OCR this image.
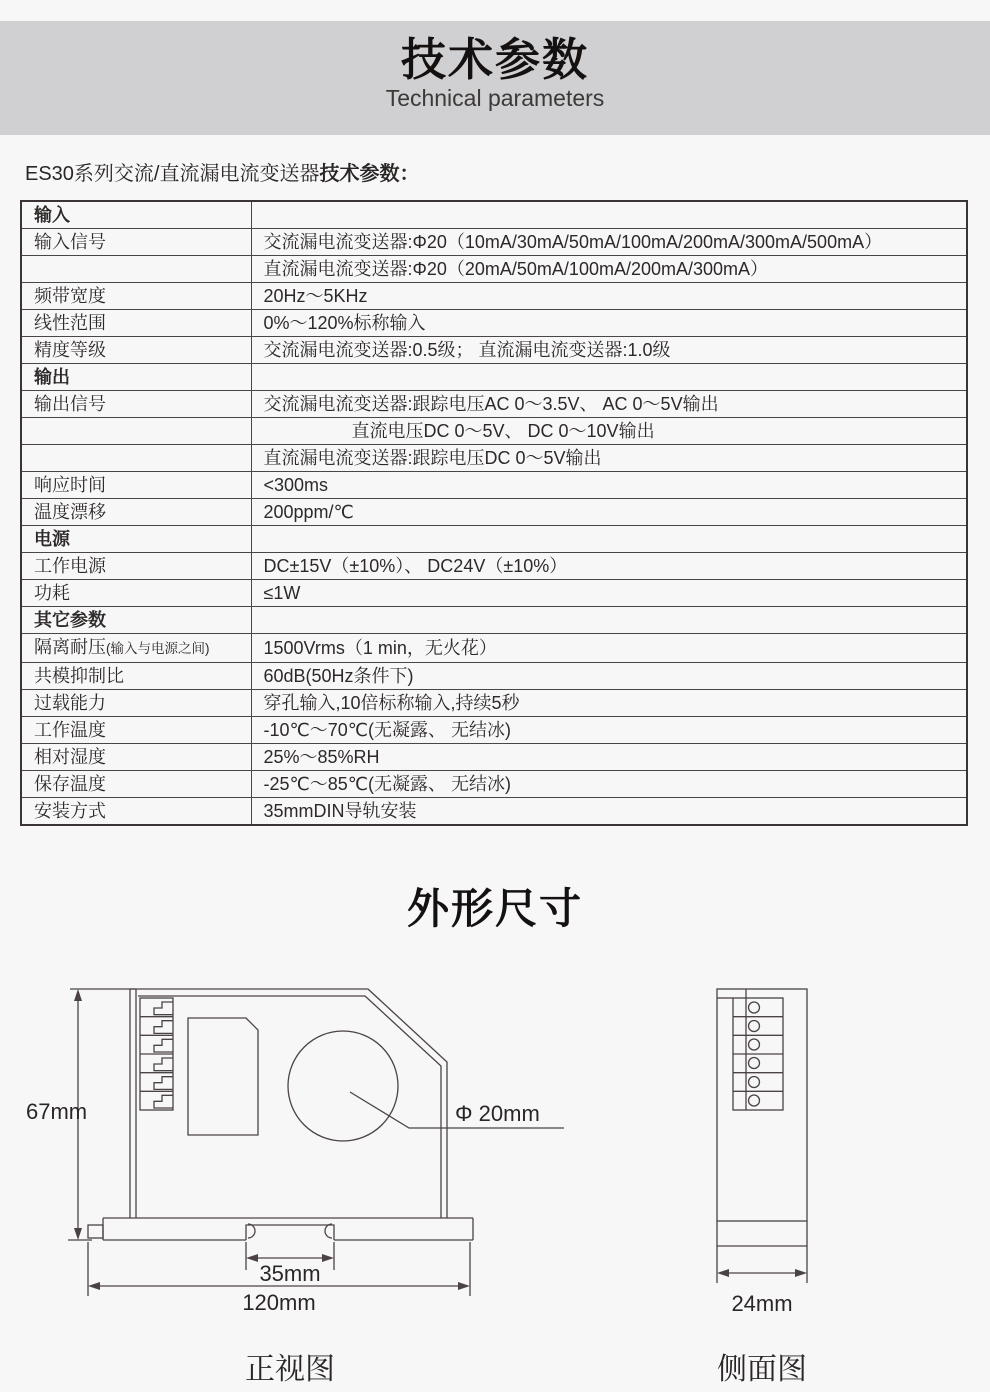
技术参数
Technical parameters
ES30系列交流/直流漏电流变送器技术参数：
输入	
输入信号	交流漏电流变送器:Φ20（10mA/30mA/50mA/100mA/200mA/300mA/500mA）
	直流漏电流变送器:Φ20（20mA/50mA/100mA/200mA/300mA）
频带宽度	20Hz～5KHz
线性范围	0%～120%标称输入
精度等级	交流漏电流变送器:0.5级； 直流漏电流变送器:1.0级
输出	
输出信号	交流漏电流变送器:跟踪电压AC 0～3.5V、 AC 0～5V输出
	直流电压DC 0～5V、 DC 0～10V输出
	直流漏电流变送器:跟踪电压DC 0～5V输出
响应时间	<300ms
温度漂移	200ppm/℃
电源	
工作电源	DC±15V（±10%）、 DC24V（±10%）
功耗	≤1W
其它参数	
隔离耐压(输入与电源之间)	1500Vrms（1 min，无火花）
共模抑制比	60dB(50Hz条件下)
过载能力	穿孔输入,10倍标称输入,持续5秒
工作温度	-10℃～70℃(无凝露、 无结冰)
相对湿度	25%～85%RH
保存温度	-25℃～85℃(无凝露、 无结冰)
安装方式	35mmDIN导轨安装
外形尺寸
67mm	Φ 20mm
35mm
120mm	24mm
正视图	侧面图
